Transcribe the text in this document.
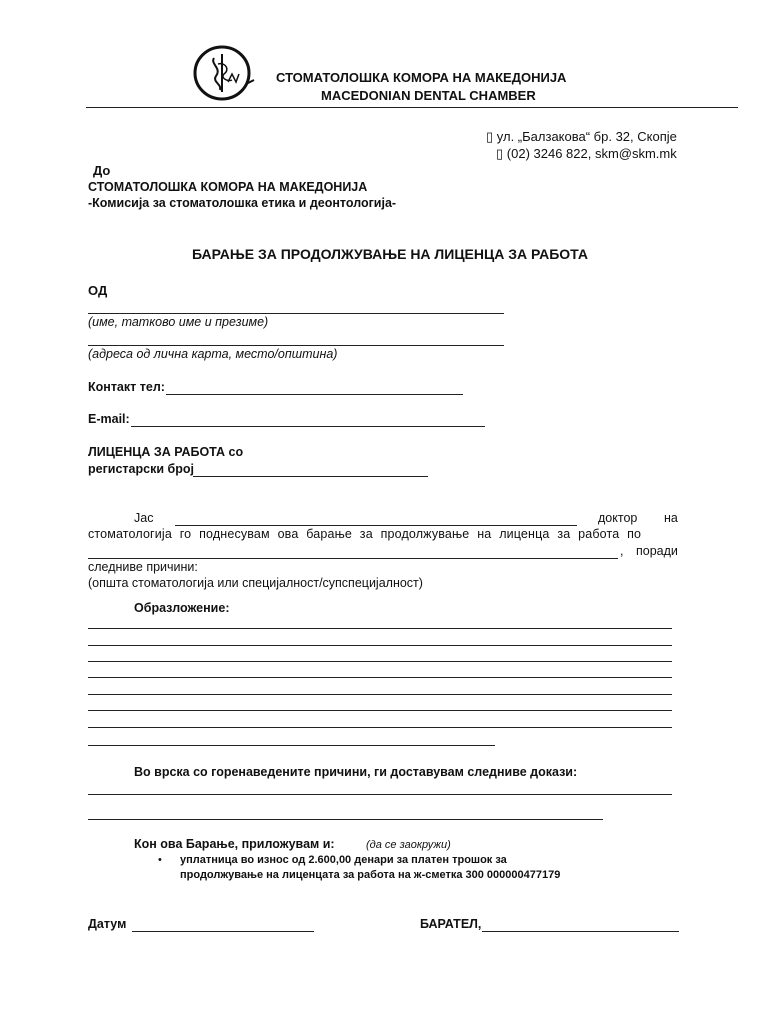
СТОМАТОЛОШКА КОМОРА НА МАКЕДОНИЈА
MACEDONIAN DENTAL CHAMBER
▯ ул. „Балзакова“ бр. 32, Скопје
▯ (02) 3246 822, skm@skm.mk
До
СТОМАТОЛОШКА КОМОРА НА МАКЕДОНИЈА
-Комисија за стоматолошка етика и деонтологија-
БАРАЊЕ ЗА ПРОДОЛЖУВАЊЕ НА ЛИЦЕНЦА ЗА РАБОТА
ОД
(име, татково име и презиме)
(адреса од лична карта, место/општина)
Контакт тел:
E-mail:
ЛИЦЕНЦА ЗА РАБОТА со
регистарски број
Јас	доктор на
стоматологија го поднесувам ова барање за продолжување на лиценца за работа по
, поради
следниве причини:
(општа стоматологија или специјалност/супспецијалност)
Образложение:
Во врска со горенаведените причини, ги доставувам следниве докази:
Кон ова Барање, приложувам и:	(да се заокружи)
• уплатница во износ од 2.600,00 денари за платен трошок за
продолжување на лиценцата за работа на ж-сметка 300 000000477179
Датум	БАРАТЕЛ,
